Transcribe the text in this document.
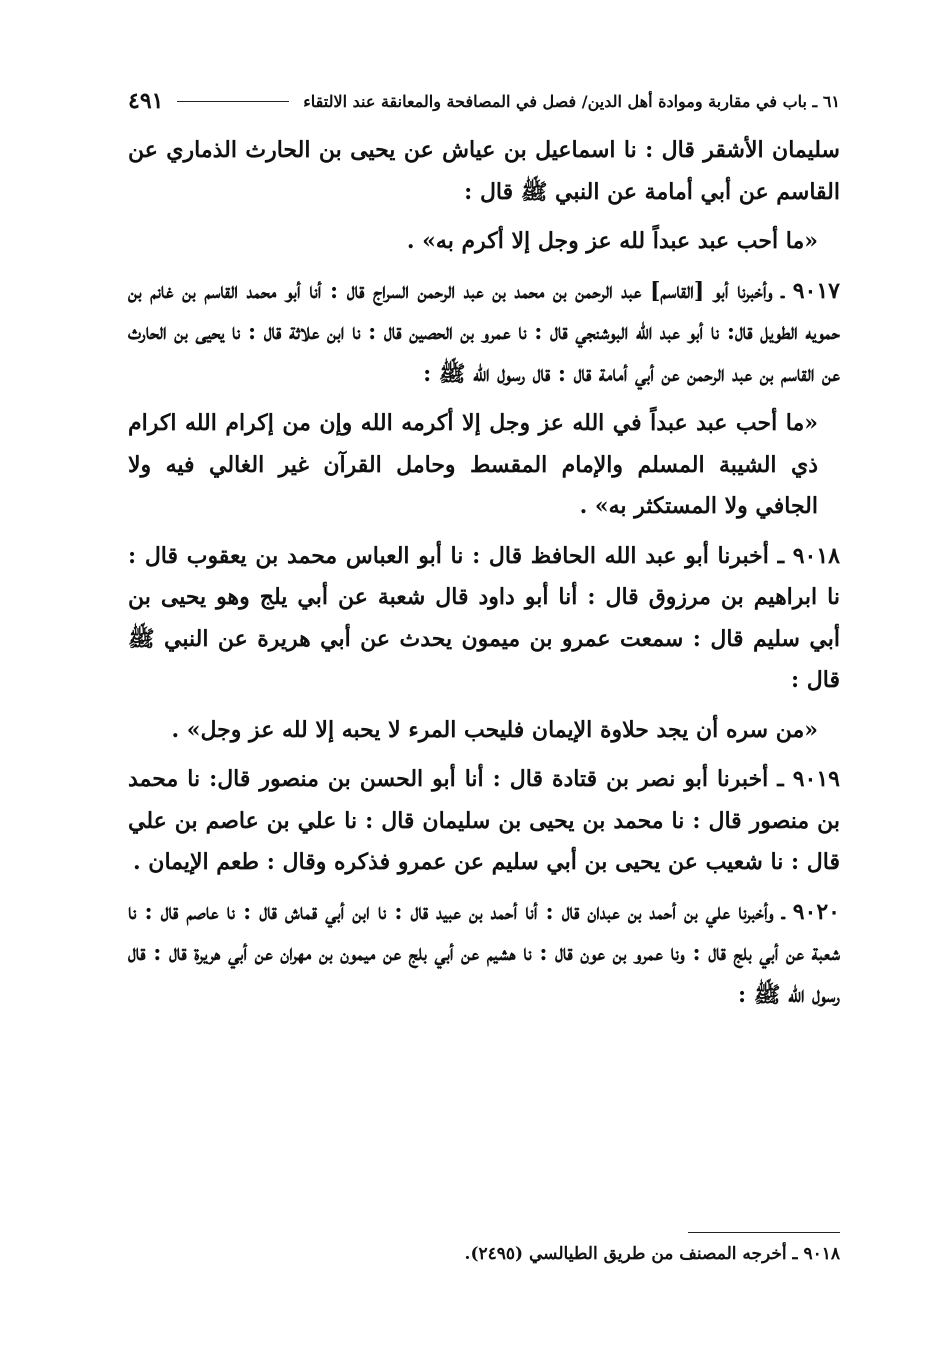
٦١ ـ باب في مقاربة وموادة أهل الدين/ فصل في المصافحة والمعانقة عند الالتقاء
٤٩١

سليمان الأشقر قال : نا اسماعيل بن عياش عن يحيى بن الحارث الذماري عن القاسم عن أبي أمامة عن النبي ﷺ قال :

«ما أحب عبد عبداً لله عز وجل إلا أكرم به» .

٩٠١٧ ـ وأخبرنا أبو [القاسم] عبد الرحمن بن محمد بن عبد الرحمن السراج قال : أنا أبو محمد القاسم بن غانم بن حمويه الطويل قال: نا أبو عبد الله البوشنجي قال : نا عمرو بن الحصين قال : نا ابن علاثة قال : نا يحيى بن الحارث عن القاسم بن عبد الرحمن عن أبي أمامة قال : قال رسول الله ﷺ :

«ما أحب عبد عبداً في الله عز وجل إلا أكرمه الله وإن من إكرام الله اكرام ذي الشيبة المسلم والإمام المقسط وحامل القرآن غير الغالي فيه ولا الجافي ولا المستكثر به» .

٩٠١٨ ـ أخبرنا أبو عبد الله الحافظ قال : نا أبو العباس محمد بن يعقوب قال : نا ابراهيم بن مرزوق قال : أنا أبو داود قال شعبة عن أبي يلج وهو يحيى بن أبي سليم قال : سمعت عمرو بن ميمون يحدث عن أبي هريرة عن النبي ﷺ قال :

«من سره أن يجد حلاوة الإيمان فليحب المرء لا يحبه إلا لله عز وجل» .

٩٠١٩ ـ أخبرنا أبو نصر بن قتادة قال : أنا أبو الحسن بن منصور قال: نا محمد بن منصور قال : نا محمد بن يحيى بن سليمان قال : نا علي بن عاصم بن علي قال : نا شعيب عن يحيى بن أبي سليم عن عمرو فذكره وقال : طعم الإيمان .

٩٠٢٠ ـ وأخبرنا علي بن أحمد بن عبدان قال : أنا أحمد بن عبيد قال : نا ابن أبي قماش قال : نا عاصم قال : نا شعبة عن أبي بلج قال : ونا عمرو بن عون قال : نا هشيم عن أبي بلج عن ميمون بن مهران عن أبي هريرة قال : قال رسول الله ﷺ :

٩٠١٨ ـ أخرجه المصنف من طريق الطيالسي (٢٤٩٥).
